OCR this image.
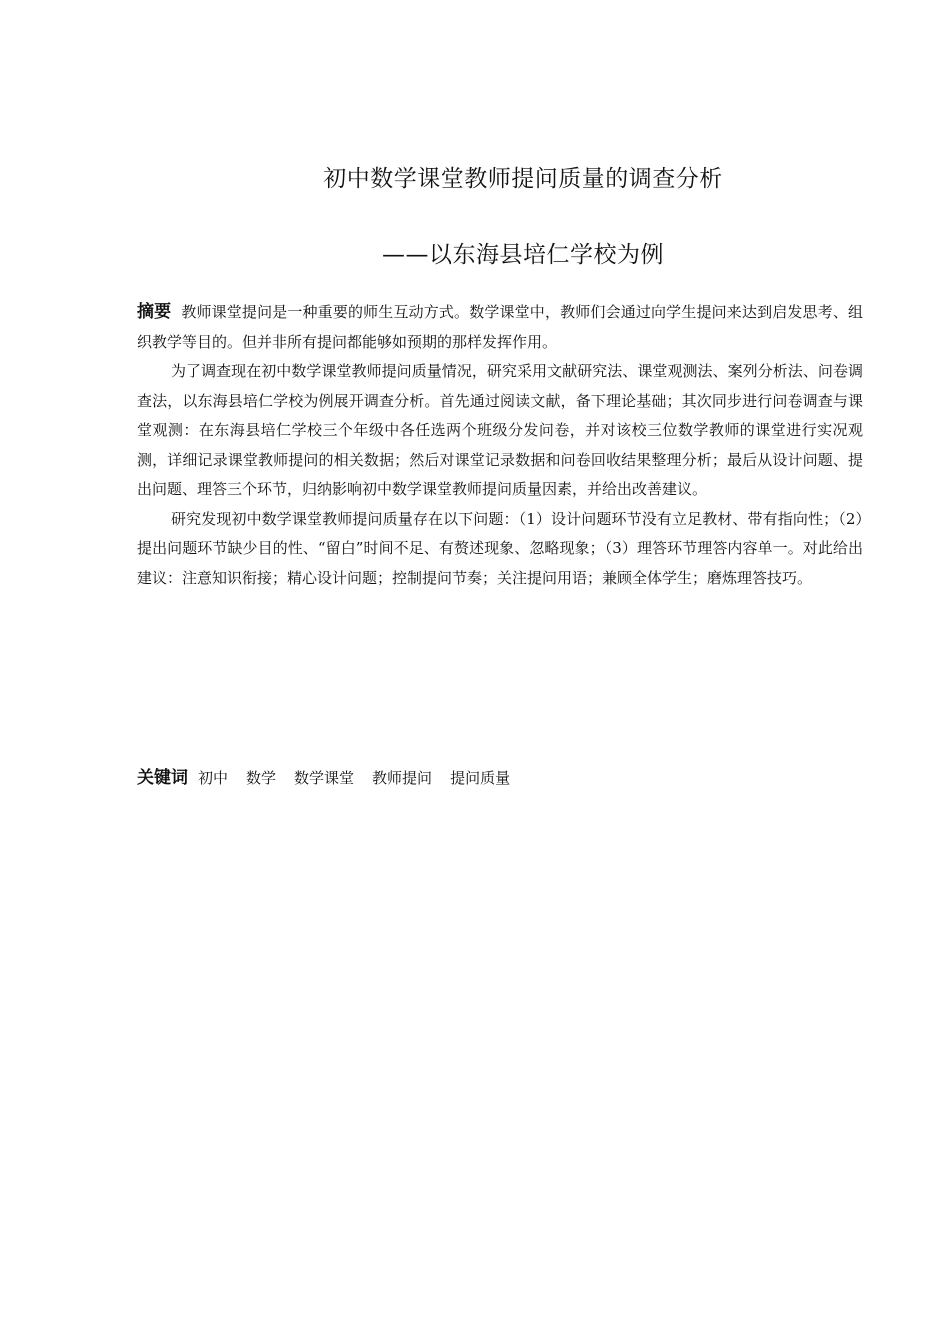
初中数学课堂教师提问质量的调查分析
——以东海县培仁学校为例

摘要 教师课堂提问是一种重要的师生互动方式。数学课堂中，教师们会通过向学生提问来达到启发思考、组织教学等目的。但并非所有提问都能够如预期的那样发挥作用。

为了调查现在初中数学课堂教师提问质量情况，研究采用文献研究法、课堂观测法、案列分析法、问卷调查法，以东海县培仁学校为例展开调查分析。首先通过阅读文献，备下理论基础；其次同步进行问卷调查与课堂观测：在东海县培仁学校三个年级中各任选两个班级分发问卷，并对该校三位数学教师的课堂进行实况观测，详细记录课堂教师提问的相关数据；然后对课堂记录数据和问卷回收结果整理分析；最后从设计问题、提出问题、理答三个环节，归纳影响初中数学课堂教师提问质量因素，并给出改善建议。

研究发现初中数学课堂教师提问质量存在以下问题：（1）设计问题环节没有立足教材、带有指向性；（2）提出问题环节缺少目的性、“留白”时间不足、有赘述现象、忽略现象；（3）理答环节理答内容单一。对此给出建议：注意知识衔接；精心设计问题；控制提问节奏；关注提问用语；兼顾全体学生；磨炼理答技巧。

关键词 初中 数学 数学课堂 教师提问 提问质量
